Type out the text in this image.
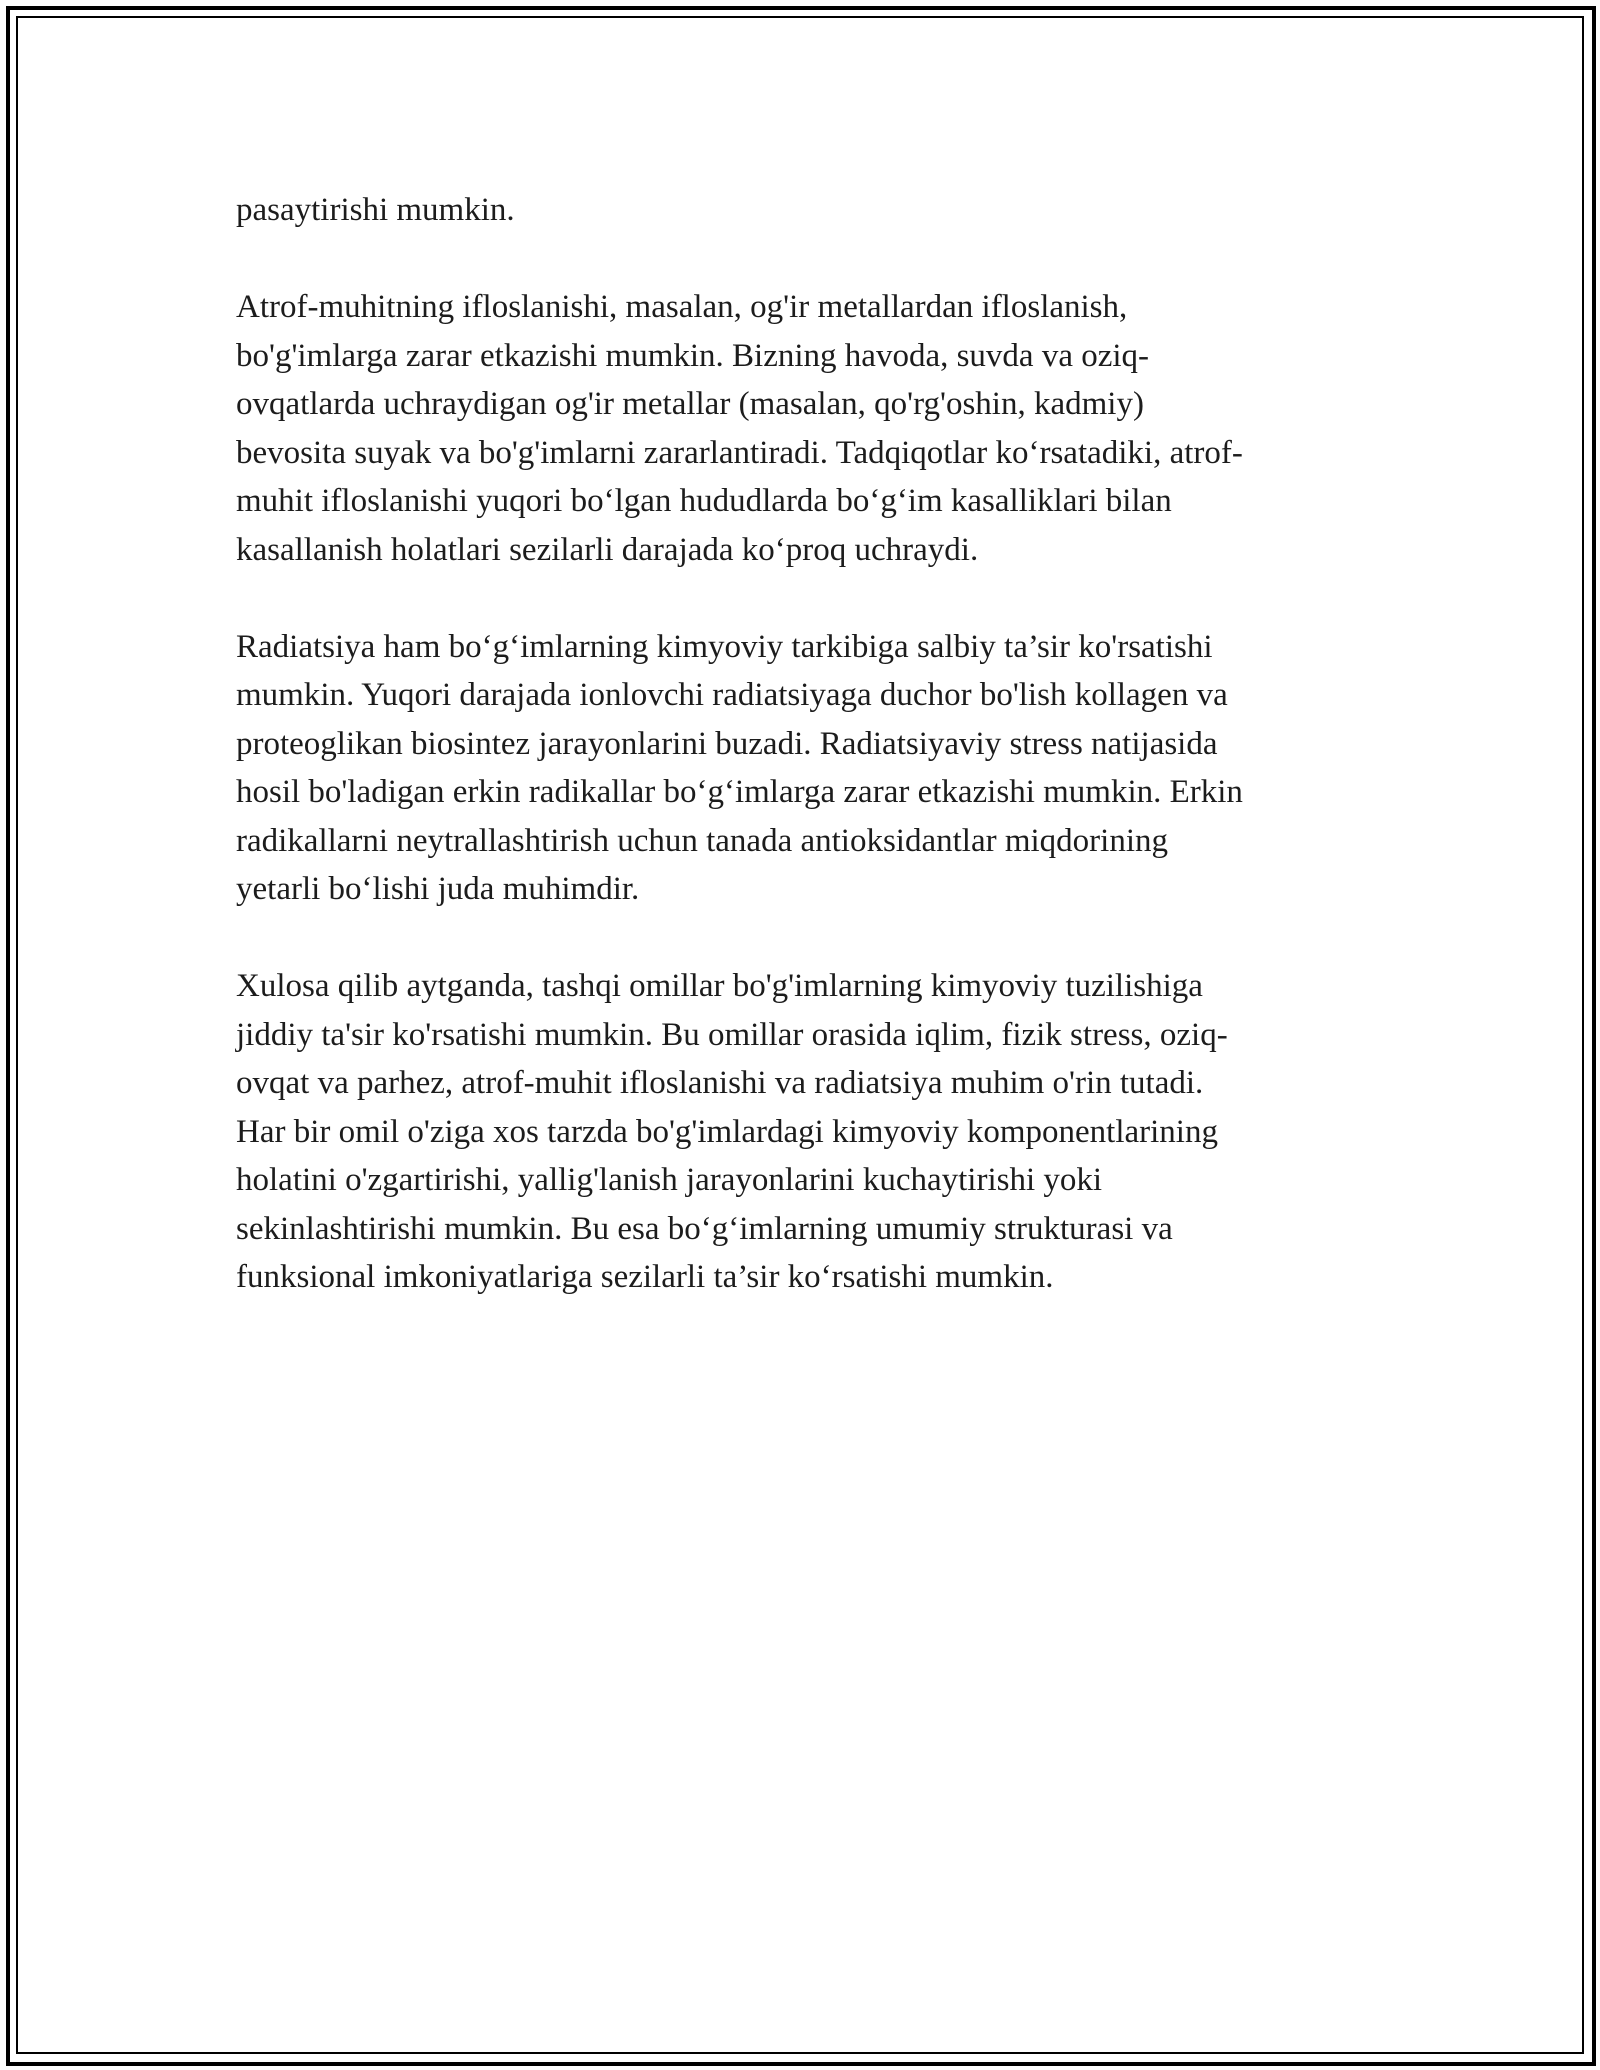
pasaytirishi mumkin.
Atrof-muhitning ifloslanishi, masalan, og'ir metallardan ifloslanish,
bo'g'imlarga zarar etkazishi mumkin. Bizning havoda, suvda va oziq-
ovqatlarda uchraydigan og'ir metallar (masalan, qo'rg'oshin, kadmiy)
bevosita suyak va bo'g'imlarni zararlantiradi. Tadqiqotlar ko‘rsatadiki, atrof-
muhit ifloslanishi yuqori bo‘lgan hududlarda bo‘g‘im kasalliklari bilan
kasallanish holatlari sezilarli darajada ko‘proq uchraydi.
Radiatsiya ham bo‘g‘imlarning kimyoviy tarkibiga salbiy ta’sir ko'rsatishi
mumkin. Yuqori darajada ionlovchi radiatsiyaga duchor bo'lish kollagen va
proteoglikan biosintez jarayonlarini buzadi. Radiatsiyaviy stress natijasida
hosil bo'ladigan erkin radikallar bo‘g‘imlarga zarar etkazishi mumkin. Erkin
radikallarni neytrallashtirish uchun tanada antioksidantlar miqdorining
yetarli bo‘lishi juda muhimdir.
Xulosa qilib aytganda, tashqi omillar bo'g'imlarning kimyoviy tuzilishiga
jiddiy ta'sir ko'rsatishi mumkin. Bu omillar orasida iqlim, fizik stress, oziq-
ovqat va parhez, atrof-muhit ifloslanishi va radiatsiya muhim o'rin tutadi.
Har bir omil o'ziga xos tarzda bo'g'imlardagi kimyoviy komponentlarining
holatini o'zgartirishi, yallig'lanish jarayonlarini kuchaytirishi yoki
sekinlashtirishi mumkin. Bu esa bo‘g‘imlarning umumiy strukturasi va
funksional imkoniyatlariga sezilarli ta’sir ko‘rsatishi mumkin.
